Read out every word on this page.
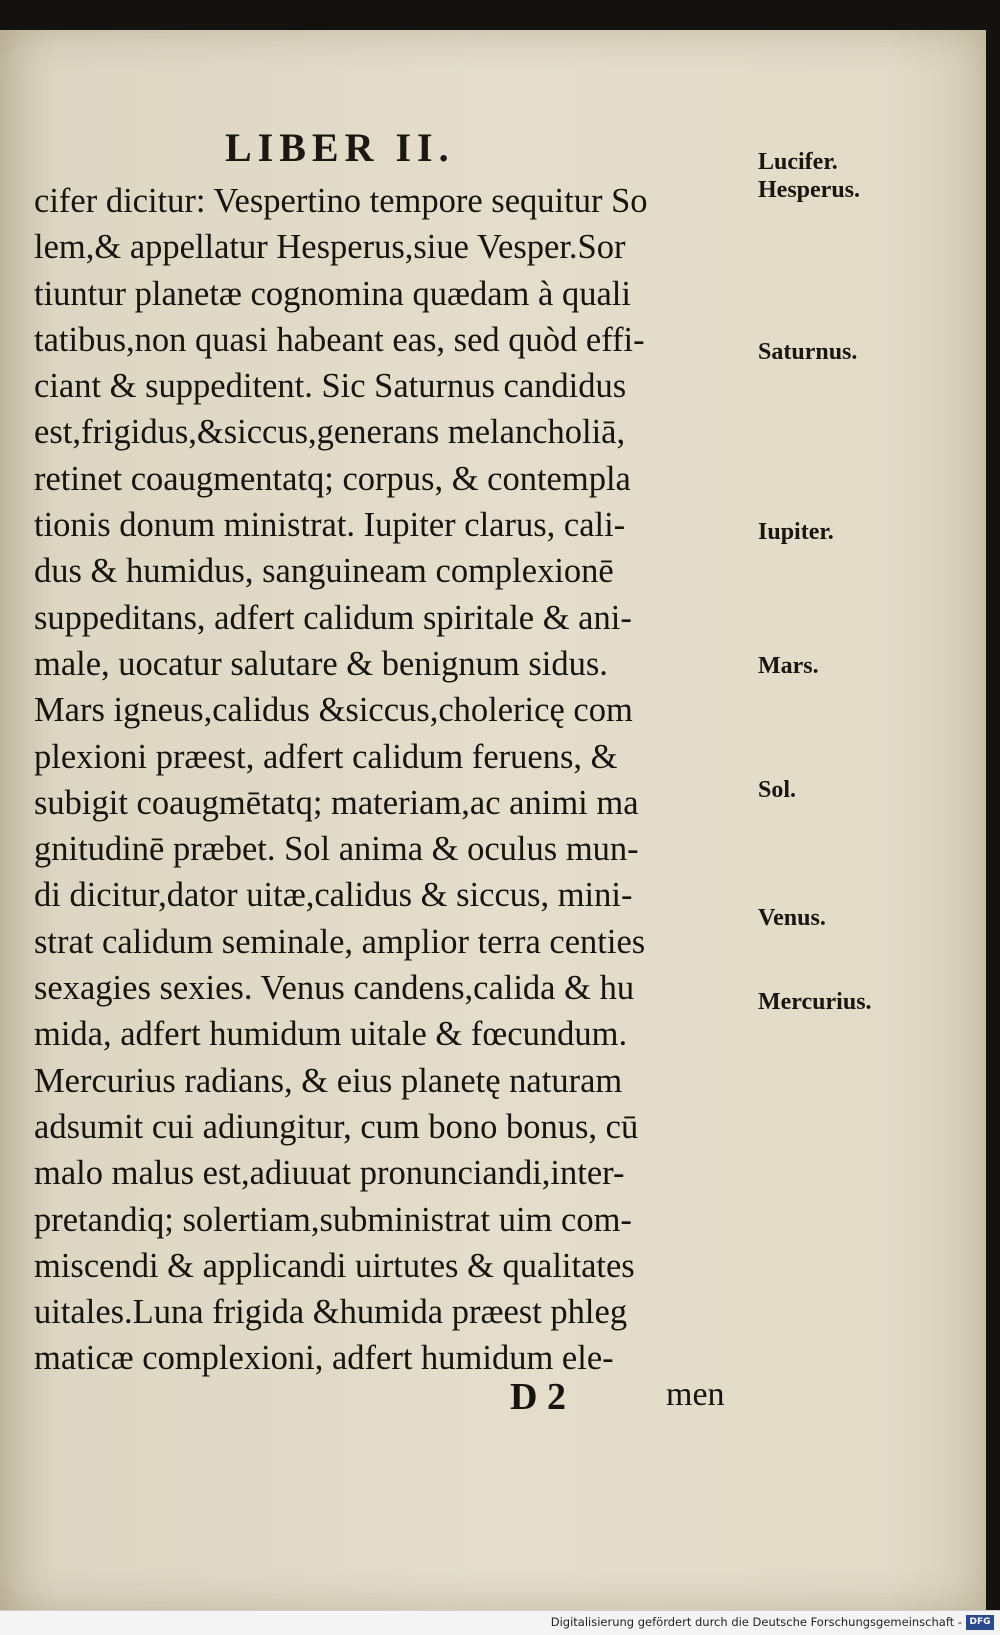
LIBER II.
cifer dicitur: Vespertino tempore sequitur So
lem,& appellatur Hesperus,siue Vesper.Sor
tiuntur planetæ cognomina quædam à quali
tatibus,non quasi habeant eas, sed quòd effi-
ciant & suppeditent. Sic Saturnus candidus
est,frigidus,&siccus,generans melancholiā,
retinet coaugmentatq; corpus, & contempla
tionis donum ministrat. Iupiter clarus, cali-
dus & humidus, sanguineam complexionē
suppeditans, adfert calidum spiritale & ani-
male, uocatur salutare & benignum sidus.
Mars igneus,calidus &siccus,cholericę com
plexioni præest, adfert calidum feruens, &
subigit coaugmētatq; materiam,ac animi ma
gnitudinē præbet. Sol anima & oculus mun-
di dicitur,dator uitæ,calidus & siccus, mini-
strat calidum seminale, amplior terra centies
sexagies sexies. Venus candens,calida & hu
mida, adfert humidum uitale & fœcundum.
Mercurius radians, & eius planetę naturam
adsumit cui adiungitur, cum bono bonus, cū
malo malus est,adiuuat pronunciandi,inter-
pretandiq; solertiam,subministrat uim com-
miscendi & applicandi uirtutes & qualitates
uitales.Luna frigida &humida præest phleg
maticæ complexioni, adfert humidum ele-
Lucifer.
Hesperus.
Saturnus.
Iupiter.
Mars.
Sol.
Venus.
Mercurius.
D 2	men
Digitalisierung gefördert durch die Deutsche Forschungsgemeinschaft - DFG
